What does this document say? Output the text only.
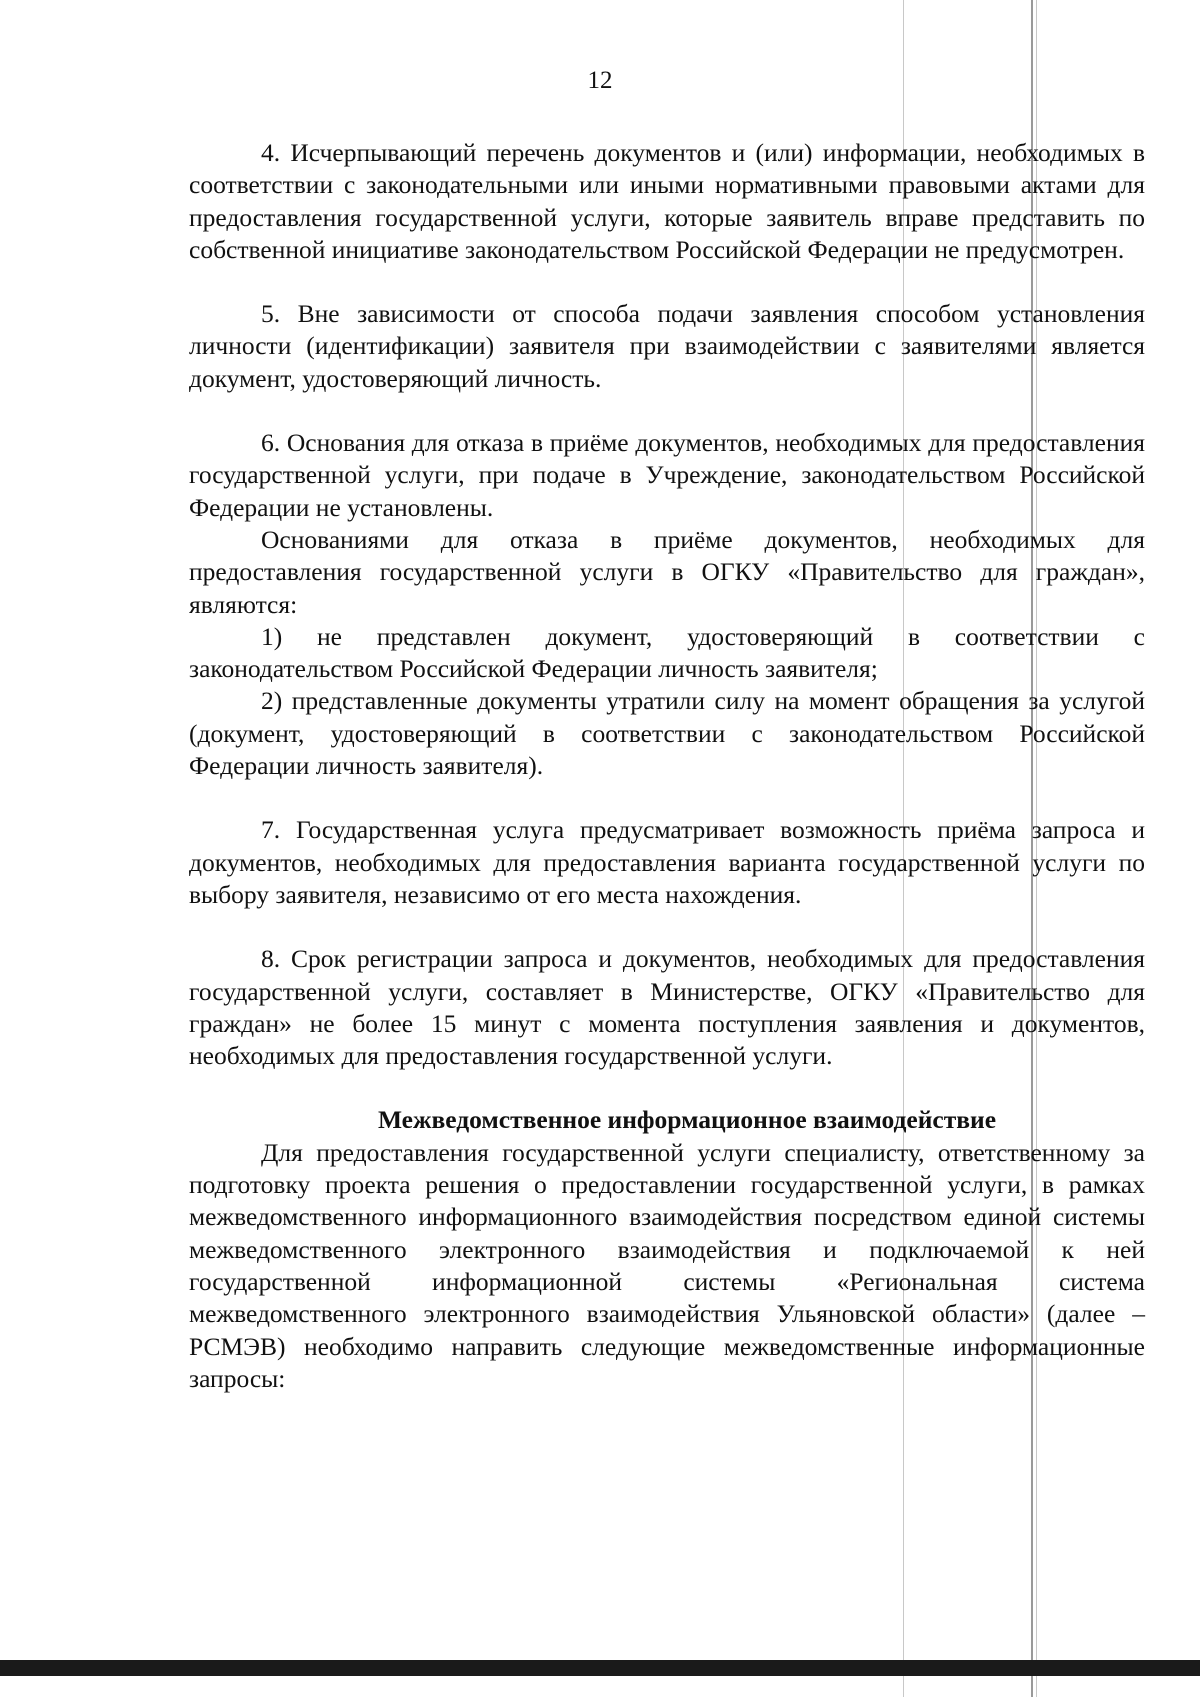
12

4. Исчерпывающий перечень документов и (или) информации, необходимых в соответствии с законодательными или иными нормативными правовыми актами для предоставления государственной услуги, которые заявитель вправе представить по собственной инициативе законодательством Российской Федерации не предусмотрен.

5. Вне зависимости от способа подачи заявления способом установления личности (идентификации) заявителя при взаимодействии с заявителями является документ, удостоверяющий личность.

6. Основания для отказа в приёме документов, необходимых для предоставления государственной услуги, при подаче в Учреждение, законодательством Российской Федерации не установлены.

Основаниями для отказа в приёме документов, необходимых для предоставления государственной услуги в ОГКУ «Правительство для граждан», являются:

1) не представлен документ, удостоверяющий в соответствии с законодательством Российской Федерации личность заявителя;

2) представленные документы утратили силу на момент обращения за услугой (документ, удостоверяющий в соответствии с законодательством Российской Федерации личность заявителя).

7. Государственная услуга предусматривает возможность приёма запроса и документов, необходимых для предоставления варианта государственной услуги по выбору заявителя, независимо от его места нахождения.

8. Срок регистрации запроса и документов, необходимых для предоставления государственной услуги, составляет в Министерстве, ОГКУ «Правительство для граждан» не более 15 минут с момента поступления заявления и документов, необходимых для предоставления государственной услуги.

Межведомственное информационное взаимодействие

Для предоставления государственной услуги специалисту, ответственному за подготовку проекта решения о предоставлении государственной услуги, в рамках межведомственного информационного взаимодействия посредством единой системы межведомственного электронного взаимодействия и подключаемой к ней государственной информационной системы «Региональная система межведомственного электронного взаимодействия Ульяновской области» (далее – РСМЭВ) необходимо направить следующие межведомственные информационные запросы:
